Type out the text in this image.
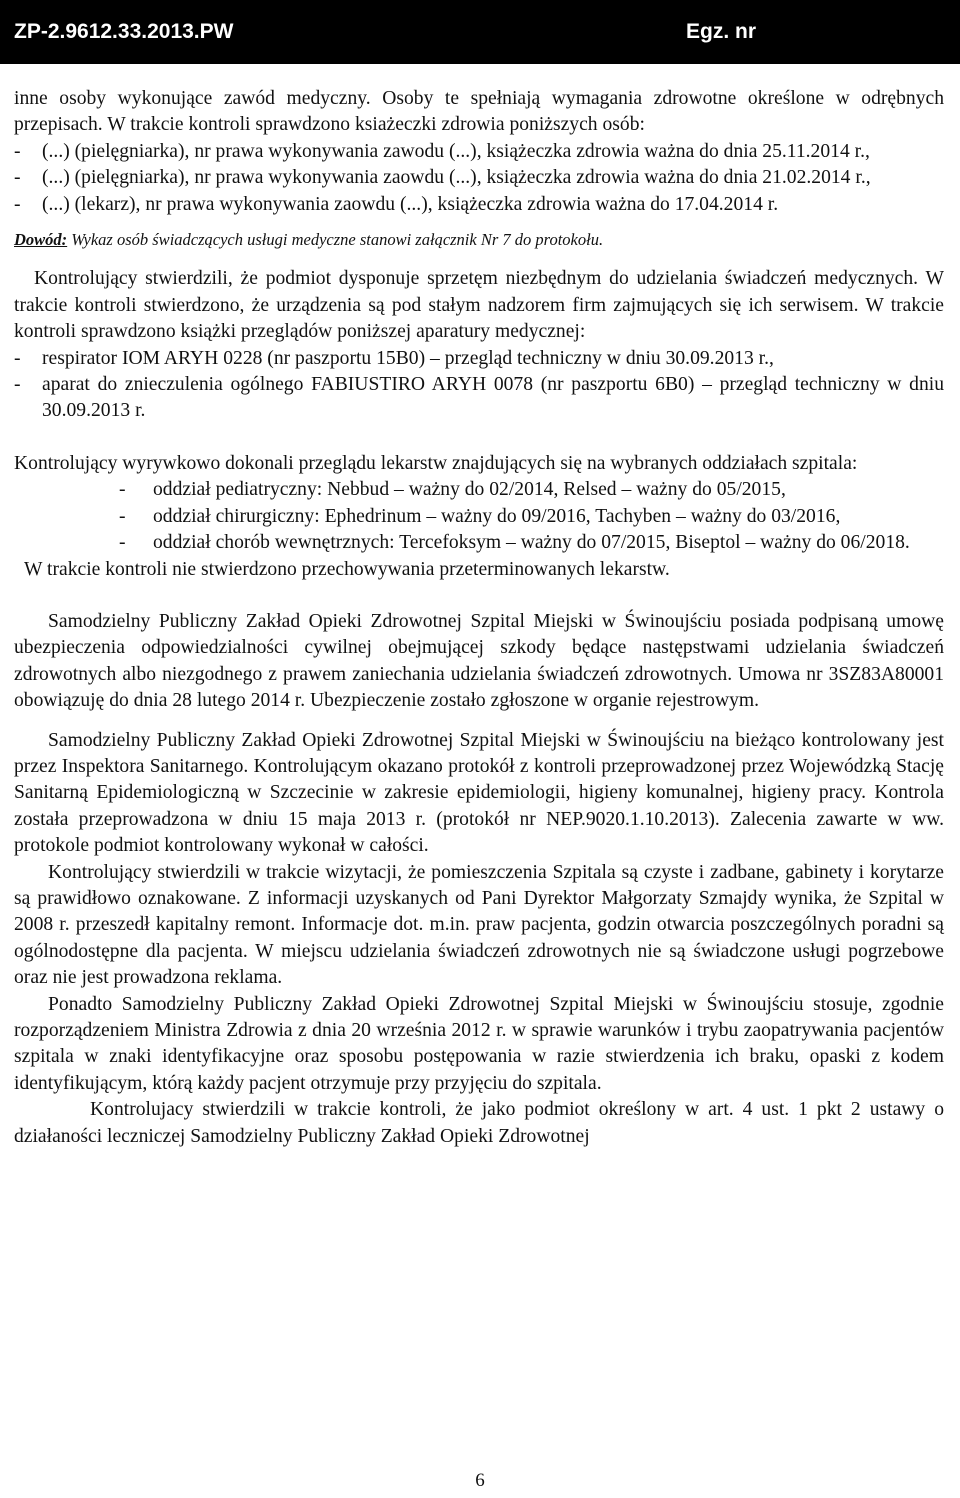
ZP-2.9612.33.2013.PW	Egz. nr

inne osoby wykonujące zawód medyczny. Osoby te spełniają wymagania zdrowotne określone w odrębnych przepisach. W trakcie kontroli sprawdzono ksiażeczki zdrowia poniższych osób:

- (...) (pielęgniarka), nr prawa wykonywania zawodu (...), książeczka zdrowia ważna do dnia 25.11.2014 r.,
- (...) (pielęgniarka), nr prawa wykonywania zaowdu (...), książeczka zdrowia ważna do dnia 21.02.2014 r.,
- (...) (lekarz), nr prawa wykonywania zaowdu (...), książeczka zdrowia ważna do 17.04.2014 r.

Dowód: Wykaz osób świadczących usługi medyczne stanowi załącznik Nr 7 do protokołu.

Kontrolujący stwierdzili, że podmiot dysponuje sprzetęm niezbędnym do udzielania świadczeń medycznych. W trakcie kontroli stwierdzono, że urządzenia są pod stałym nadzorem firm zajmujących się ich serwisem. W trakcie kontroli sprawdzono książki przeglądów poniższej aparatury medycznej:

- respirator IOM ARYH 0228 (nr paszportu 15B0) – przegląd techniczny w dniu 30.09.2013 r.,
- aparat do znieczulenia ogólnego FABIUSTIRO ARYH 0078 (nr paszportu 6B0) – przegląd techniczny w dniu 30.09.2013 r.

Kontrolujący wyrywkowo dokonali przeglądu lekarstw znajdujących się na wybranych oddziałach szpitala:

- oddział pediatryczny: Nebbud – ważny do 02/2014, Relsed – ważny do 05/2015,
- oddział chirurgiczny: Ephedrinum – ważny do 09/2016, Tachyben – ważny do 03/2016,
- oddział chorób wewnętrznych: Tercefoksym – ważny do 07/2015, Biseptol – ważny do 06/2018.

W trakcie kontroli nie stwierdzono przechowywania przeterminowanych lekarstw.

Samodzielny Publiczny Zakład Opieki Zdrowotnej Szpital Miejski w Świnoujściu posiada podpisaną umowę ubezpieczenia odpowiedzialności cywilnej obejmującej szkody będące następstwami udzielania świadczeń zdrowotnych albo niezgodnego z prawem zaniechania udzielania świadczeń zdrowotnych. Umowa nr 3SZ83A80001 obowiązuję do dnia 28 lutego 2014 r. Ubezpieczenie zostało zgłoszone w organie rejestrowym.

Samodzielny Publiczny Zakład Opieki Zdrowotnej Szpital Miejski w Świnoujściu na bieżąco kontrolowany jest przez Inspektora Sanitarnego. Kontrolującym okazano protokół z kontroli przeprowadzonej przez Wojewódzką Stację Sanitarną Epidemiologiczną w Szczecinie w zakresie epidemiologii, higieny komunalnej, higieny pracy. Kontrola została przeprowadzona w dniu 15 maja 2013 r. (protokół nr NEP.9020.1.10.2013). Zalecenia zawarte w ww. protokole podmiot kontrolowany wykonał w całości.

Kontrolujący stwierdzili w trakcie wizytacji, że pomieszczenia Szpitala są czyste i zadbane, gabinety i korytarze są prawidłowo oznakowane. Z informacji uzyskanych od Pani Dyrektor Małgorzaty Szmajdy wynika, że Szpital w 2008 r. przeszedł kapitalny remont. Informacje dot. m.in. praw pacjenta, godzin otwarcia poszczególnych poradni są ogólnodostępne dla pacjenta. W miejscu udzielania świadczeń zdrowotnych nie są świadczone usługi pogrzebowe oraz nie jest prowadzona reklama.

Ponadto Samodzielny Publiczny Zakład Opieki Zdrowotnej Szpital Miejski w Świnoujściu stosuje, zgodnie rozporządzeniem Ministra Zdrowia z dnia 20 września 2012 r. w sprawie warunków i trybu zaopatrywania pacjentów szpitala w znaki identyfikacyjne oraz sposobu postępowania w razie stwierdzenia ich braku, opaski z kodem identyfikującym, którą każdy pacjent otrzymuje przy przyjęciu do szpitala.

Kontrolujacy stwierdzili w trakcie kontroli, że jako podmiot określony w art. 4 ust. 1 pkt 2 ustawy o działaności leczniczej Samodzielny Publiczny Zakład Opieki Zdrowotnej

6
